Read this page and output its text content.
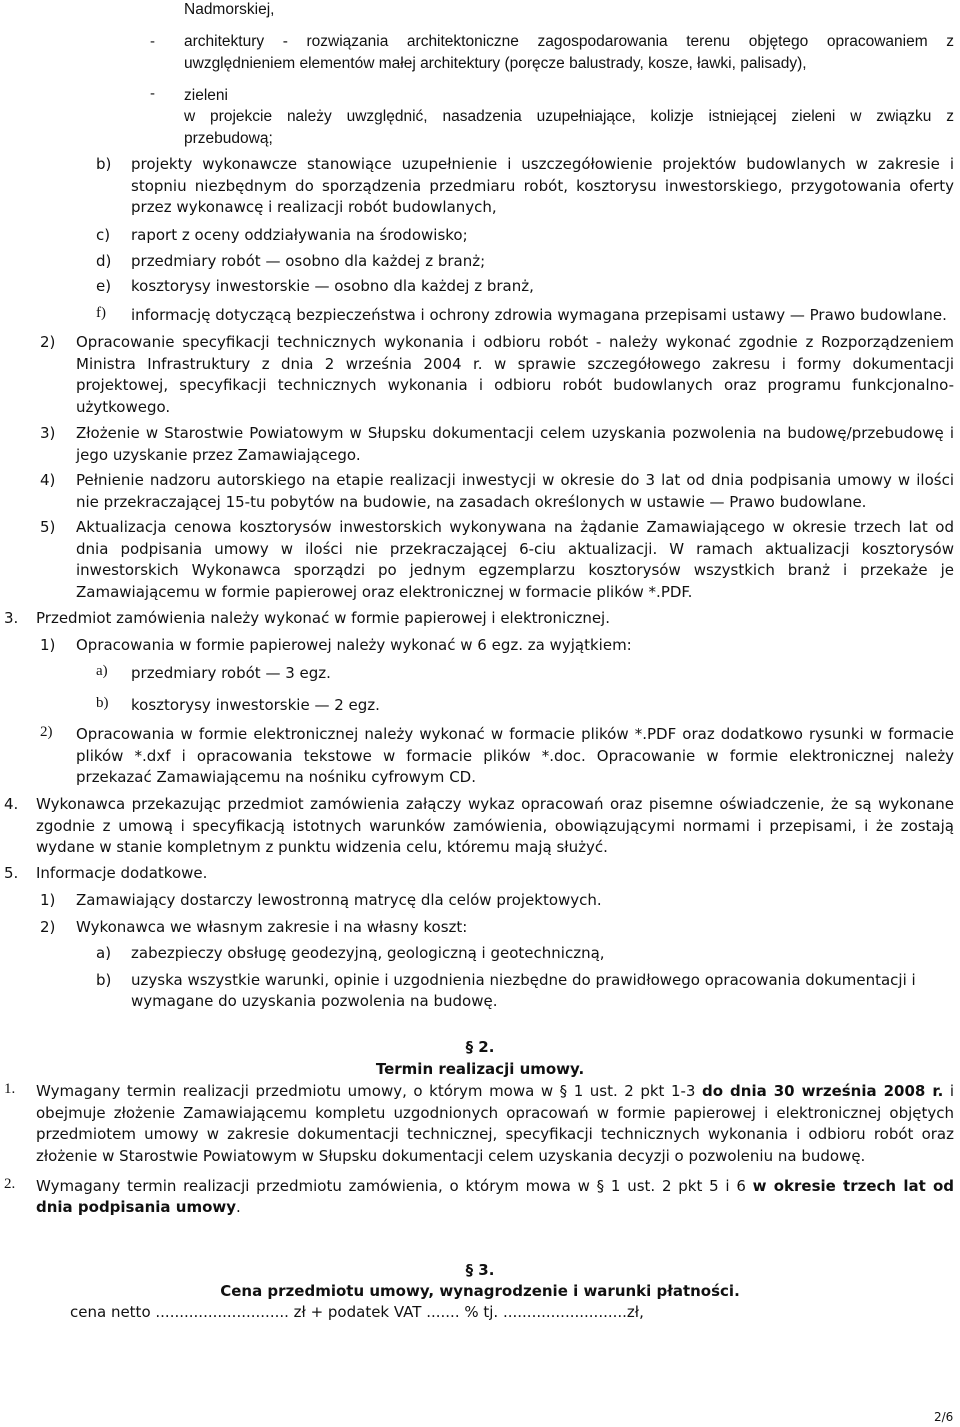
Nadmorskiej,
- architektury - rozwiązania architektoniczne zagospodarowania terenu objętego opracowaniem z
uwzględnieniem elementów małej architektury (poręcze balustrady, kosze, ławki, palisady),
- zieleni
w projekcie należy uwzględnić, nasadzenia uzupełniające, kolizje istniejącej zieleni w związku z
przebudową;
b) projekty wykonawcze stanowiące uzupełnienie i uszczegółowienie projektów budowlanych w zakresie i
stopniu niezbędnym do sporządzenia przedmiaru robót, kosztorysu inwestorskiego, przygotowania oferty
przez wykonawcę i realizacji robót budowlanych,
c) raport z oceny oddziaływania na środowisko;
d) przedmiary robót — osobno dla każdej z branż;
e) kosztorysy inwestorskie — osobno dla każdej z branż,
f) informację dotyczącą bezpieczeństwa i ochrony zdrowia wymagana przepisami ustawy — Prawo budowlane.
2) Opracowanie specyfikacji technicznych wykonania i odbioru robót - należy wykonać zgodnie z Rozporządzeniem
Ministra Infrastruktury z dnia 2 września 2004 r. w sprawie szczegółowego zakresu i formy dokumentacji
projektowej, specyfikacji technicznych wykonania i odbioru robót budowlanych oraz programu funkcjonalno-
użytkowego.
3) Złożenie w Starostwie Powiatowym w Słupsku dokumentacji celem uzyskania pozwolenia na budowę/przebudowę i
jego uzyskanie przez Zamawiającego.
4) Pełnienie nadzoru autorskiego na etapie realizacji inwestycji w okresie do 3 lat od dnia podpisania umowy w ilości
nie przekraczającej 15-tu pobytów na budowie, na zasadach określonych w ustawie — Prawo budowlane.
5) Aktualizacja cenowa kosztorysów inwestorskich wykonywana na żądanie Zamawiającego w okresie trzech lat od
dnia podpisania umowy w ilości nie przekraczającej 6-ciu aktualizacji. W ramach aktualizacji kosztorysów
inwestorskich Wykonawca sporządzi po jednym egzemplarzu kosztorysów wszystkich branż i przekaże je
Zamawiającemu w formie papierowej oraz elektronicznej w formacie plików *.PDF.
3. Przedmiot zamówienia należy wykonać w formie papierowej i elektronicznej.
1) Opracowania w formie papierowej należy wykonać w 6 egz. za wyjątkiem:
a) przedmiary robót — 3 egz.
b) kosztorysy inwestorskie — 2 egz.
2) Opracowania w formie elektronicznej należy wykonać w formacie plików *.PDF oraz dodatkowo rysunki w formacie
plików *.dxf i opracowania tekstowe w formacie plików *.doc. Opracowanie w formie elektronicznej należy
przekazać Zamawiającemu na nośniku cyfrowym CD.
4. Wykonawca przekazując przedmiot zamówienia załączy wykaz opracowań oraz pisemne oświadczenie, że są wykonane
zgodnie z umową i specyfikacją istotnych warunków zamówienia, obowiązującymi normami i przepisami, i że zostają
wydane w stanie kompletnym z punktu widzenia celu, któremu mają służyć.
5. Informacje dodatkowe.
1) Zamawiający dostarczy lewostronną matrycę dla celów projektowych.
2) Wykonawca we własnym zakresie i na własny koszt:
a) zabezpieczy obsługę geodezyjną, geologiczną i geotechniczną,
b) uzyska wszystkie warunki, opinie i uzgodnienia niezbędne do prawidłowego opracowania dokumentacji i
wymagane do uzyskania pozwolenia na budowę.
§ 2.
Termin realizacji umowy.
1. Wymagany termin realizacji przedmiotu umowy, o którym mowa w § 1 ust. 2 pkt 1-3 do dnia 30 września 2008 r. i
obejmuje złożenie Zamawiającemu kompletu uzgodnionych opracowań w formie papierowej i elektronicznej objętych
przedmiotem umowy w zakresie dokumentacji technicznej, specyfikacji technicznych wykonania i odbioru robót oraz
złożenie w Starostwie Powiatowym w Słupsku dokumentacji celem uzyskania decyzji o pozwoleniu na budowę.
2. Wymagany termin realizacji przedmiotu zamówienia, o którym mowa w § 1 ust. 2 pkt 5 i 6 w okresie trzech lat od
dnia podpisania umowy.
§ 3.
Cena przedmiotu umowy, wynagrodzenie i warunki płatności.
cena netto ............................ zł + podatek VAT ....... % tj. ..........................zł,
2/6
